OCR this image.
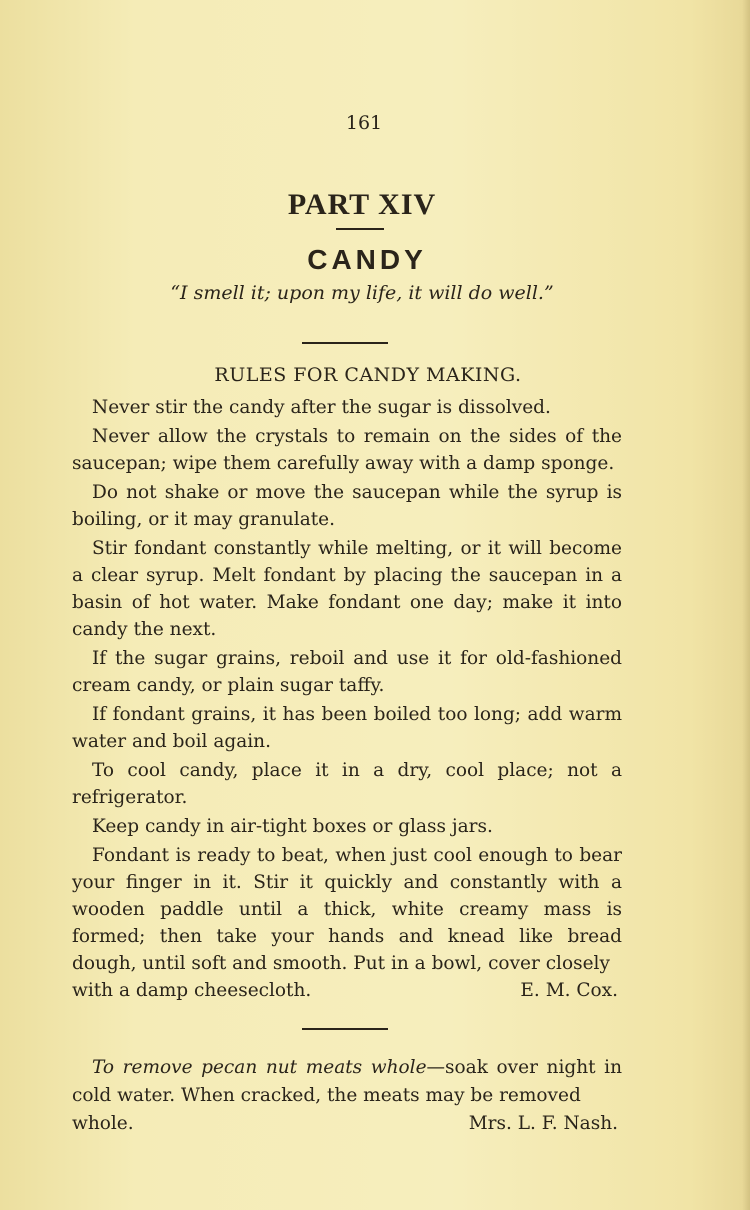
161
PART XIV
CANDY
“I smell it; upon my life, it will do well.”
RULES FOR CANDY MAKING.

Never stir the candy after the sugar is dissolved.

Never allow the crystals to remain on the sides of the saucepan; wipe them carefully away with a damp sponge.

Do not shake or move the saucepan while the syrup is boiling, or it may granulate.

Stir fondant constantly while melting, or it will become a clear syrup. Melt fondant by placing the saucepan in a basin of hot water. Make fondant one day; make it into candy the next.

If the sugar grains, reboil and use it for old-fashioned cream candy, or plain sugar taffy.

If fondant grains, it has been boiled too long; add warm water and boil again.

To cool candy, place it in a dry, cool place; not a refrigerator.

Keep candy in air-tight boxes or glass jars.

Fondant is ready to beat, when just cool enough to bear your finger in it. Stir it quickly and constantly with a wooden paddle until a thick, white creamy mass is formed; then take your hands and knead like bread dough, until soft and smooth. Put in a bowl, cover closely

with a damp cheesecloth.	E. M. Cox.

To remove pecan nut meats whole—soak over night in cold water. When cracked, the meats may be removed

whole.	Mrs. L. F. Nash.
